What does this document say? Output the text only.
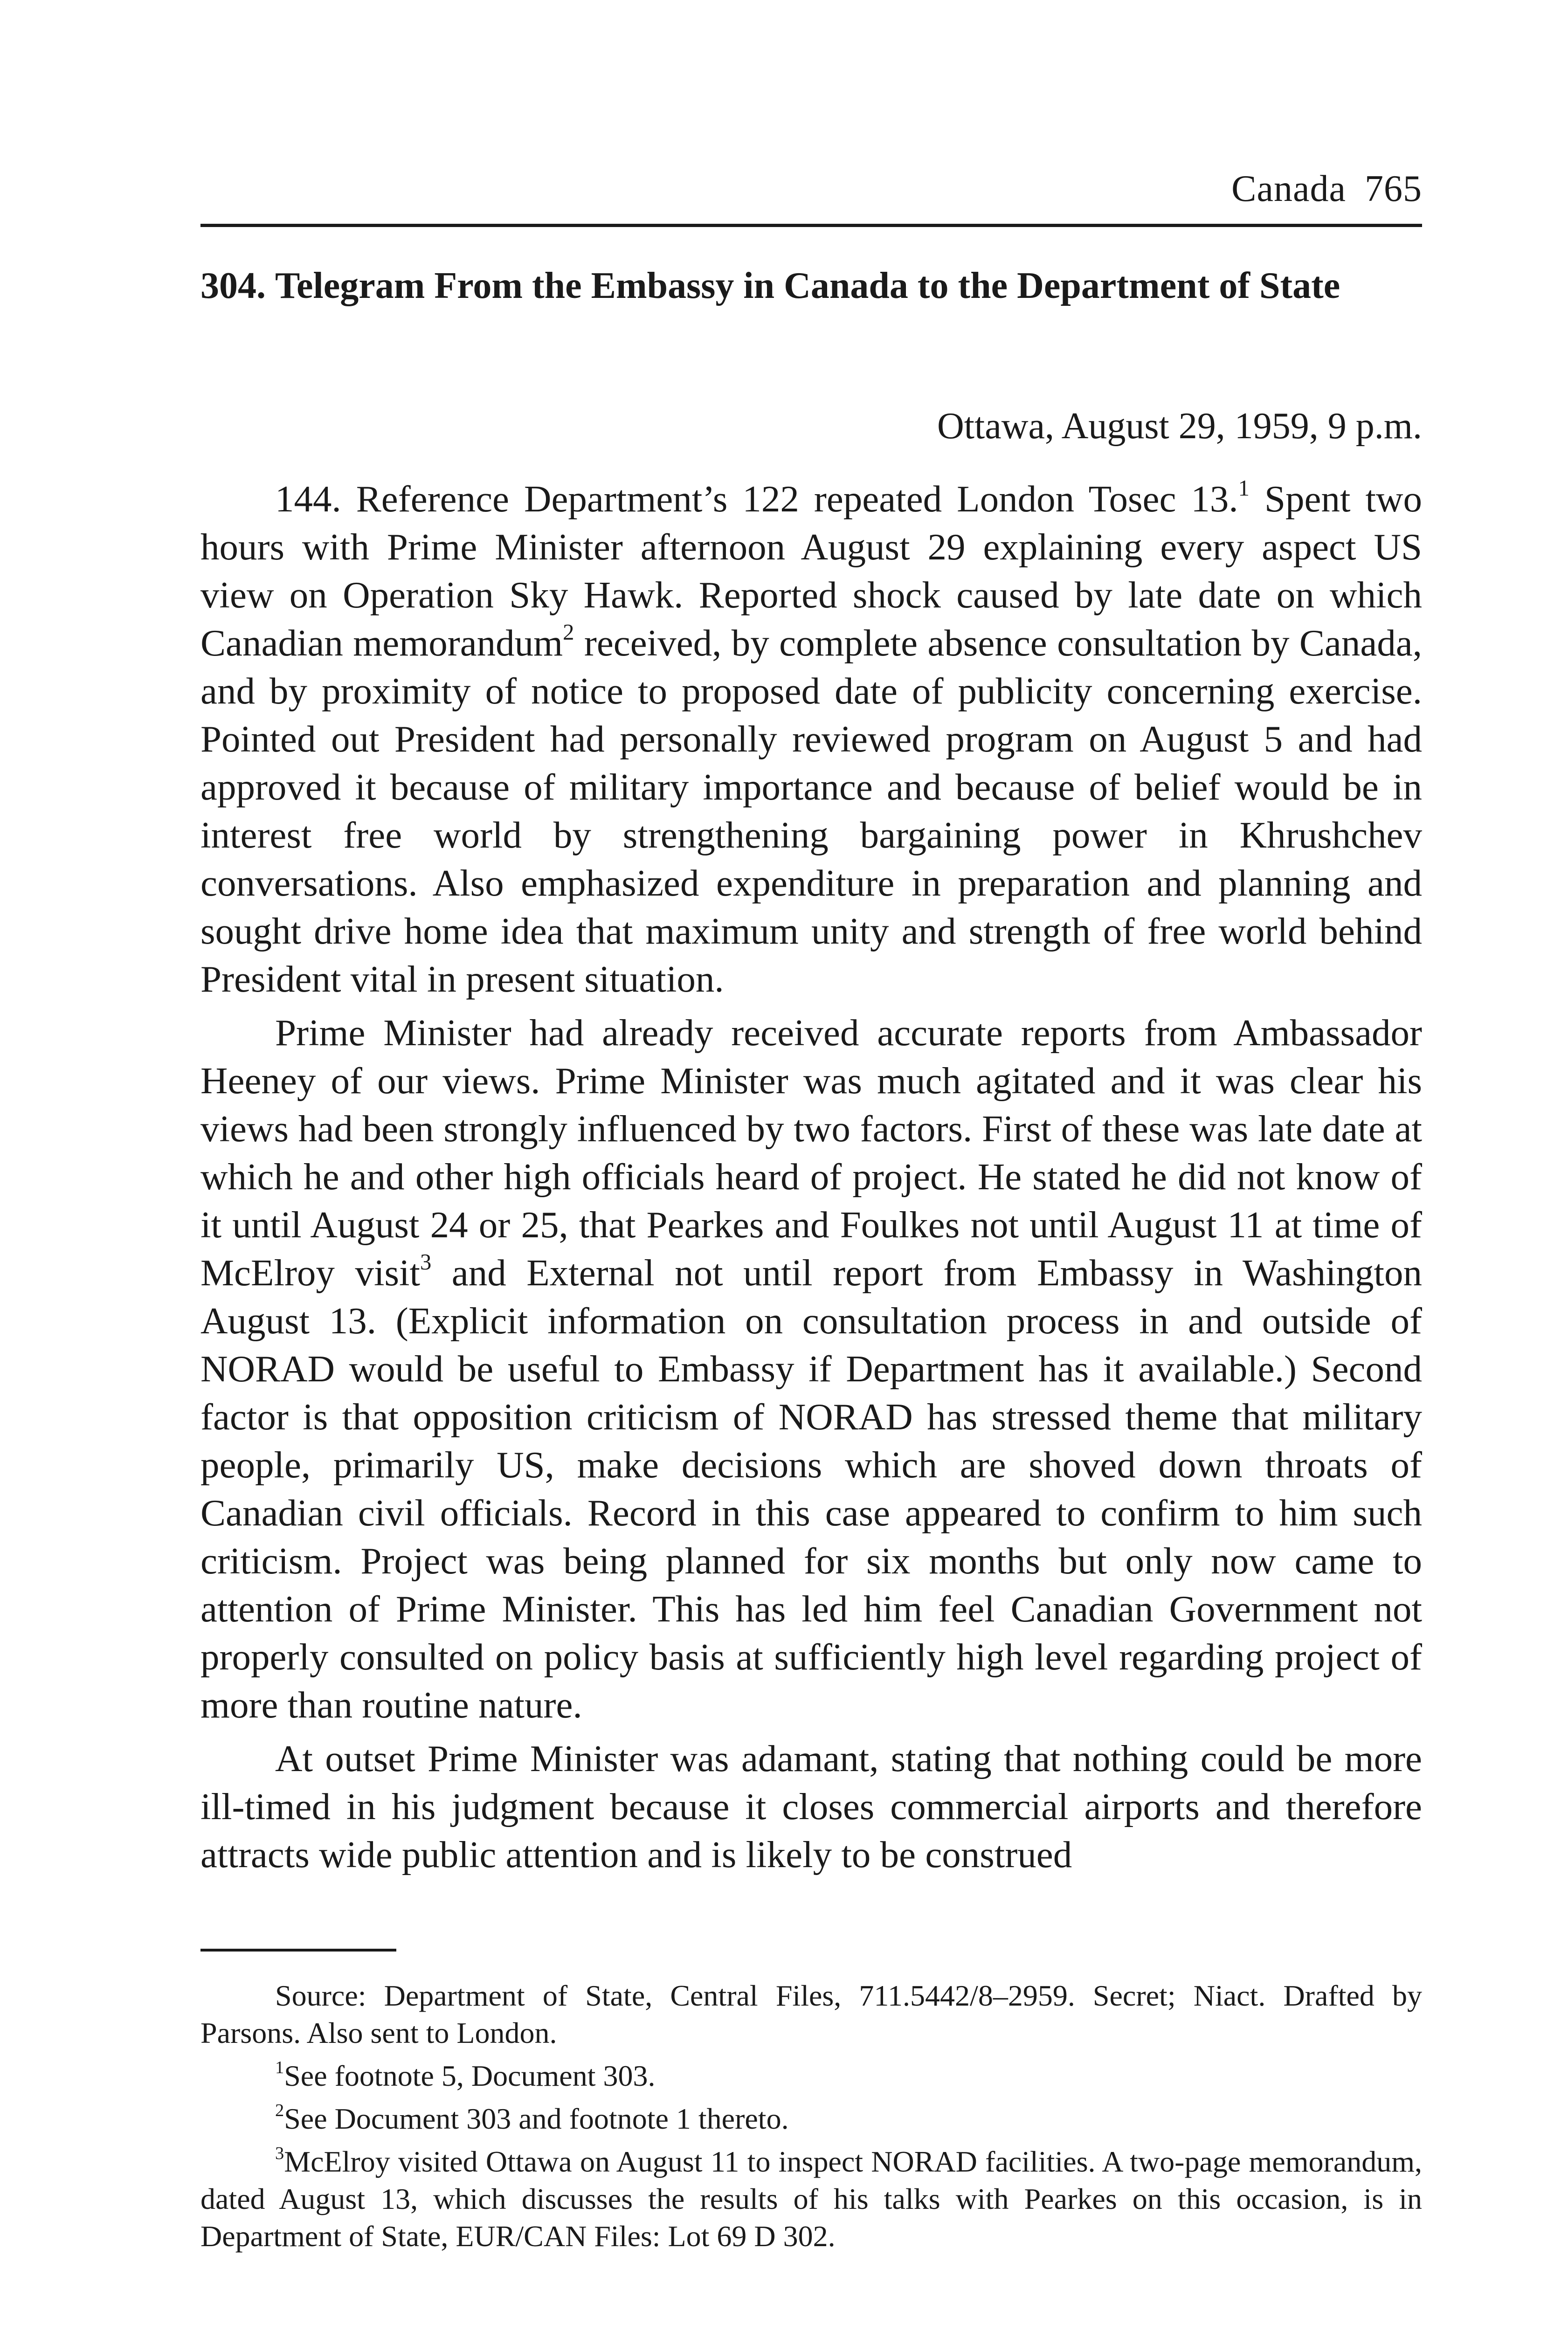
Canada 765
304. Telegram From the Embassy in Canada to the Department of State
Ottawa, August 29, 1959, 9 p.m.

144. Reference Department’s 122 repeated London Tosec 13.$^1$ Spent two hours with Prime Minister afternoon August 29 explaining every aspect US view on Operation Sky Hawk. Reported shock caused by late date on which Canadian memorandum$^2$ received, by complete absence consultation by Canada, and by proximity of notice to proposed date of publicity concerning exercise. Pointed out President had personally reviewed program on August 5 and had approved it because of military importance and because of belief would be in interest free world by strengthening bargaining power in Khrushchev conversations. Also emphasized expenditure in preparation and planning and sought drive home idea that maximum unity and strength of free world behind President vital in present situation.

Prime Minister had already received accurate reports from Ambassador Heeney of our views. Prime Minister was much agitated and it was clear his views had been strongly influenced by two factors. First of these was late date at which he and other high officials heard of project. He stated he did not know of it until August 24 or 25, that Pearkes and Foulkes not until August 11 at time of McElroy visit$^3$ and External not until report from Embassy in Washington August 13. (Explicit information on consultation process in and outside of NORAD would be useful to Embassy if Department has it available.) Second factor is that opposition criticism of NORAD has stressed theme that military people, primarily US, make decisions which are shoved down throats of Canadian civil officials. Record in this case appeared to confirm to him such criticism. Project was being planned for six months but only now came to attention of Prime Minister. This has led him feel Canadian Government not properly consulted on policy basis at sufficiently high level regarding project of more than routine nature.

At outset Prime Minister was adamant, stating that nothing could be more ill-timed in his judgment because it closes commercial airports and therefore attracts wide public attention and is likely to be construed

Source: Department of State, Central Files, 711.5442/8–2959. Secret; Niact. Drafted by Parsons. Also sent to London.

$^1$See footnote 5, Document 303.

$^2$See Document 303 and footnote 1 thereto.

$^3$McElroy visited Ottawa on August 11 to inspect NORAD facilities. A two-page memorandum, dated August 13, which discusses the results of his talks with Pearkes on this occasion, is in Department of State, EUR/CAN Files: Lot 69 D 302.
